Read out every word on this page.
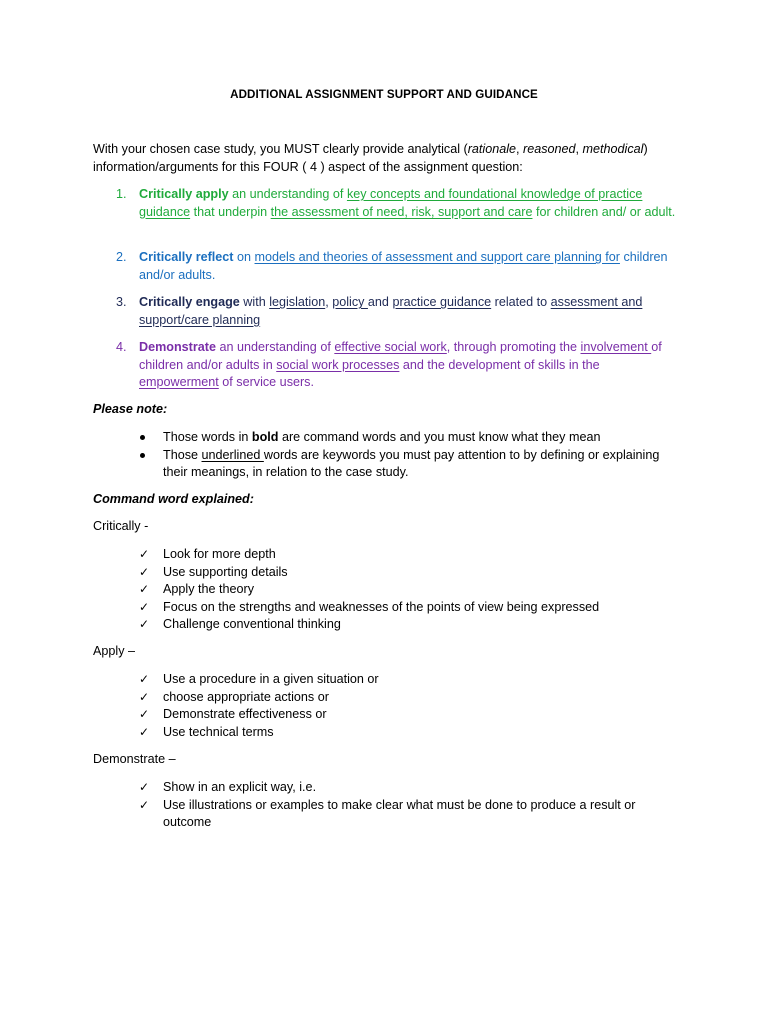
ADDITIONAL ASSIGNMENT SUPPORT AND GUIDANCE
With your chosen case study, you MUST clearly provide analytical (rationale, reasoned, methodical) information/arguments for this FOUR ( 4 ) aspect of the assignment question:
1. Critically apply an understanding of key concepts and foundational knowledge of practice guidance that underpin the assessment of need, risk, support and care for children and/ or adult.
2. Critically reflect on models and theories of assessment and support care planning for children and/or adults.
3. Critically engage with legislation, policy and practice guidance related to assessment and support/care planning
4. Demonstrate an understanding of effective social work, through promoting the involvement of children and/or adults in social work processes and the development of skills in the empowerment of service users.
Please note:
Those words in bold are command words and you must know what they mean
Those underlined words are keywords you must pay attention to by defining or explaining their meanings, in relation to the case study.
Command word explained:
Critically -
✓ Look for more depth
✓ Use supporting details
✓ Apply the theory
✓ Focus on the strengths and weaknesses of the points of view being expressed
✓ Challenge conventional thinking
Apply –
✓ Use a procedure in a given situation or
✓ choose appropriate actions or
✓ Demonstrate effectiveness or
✓ Use technical terms
Demonstrate –
✓ Show in an explicit way, i.e.
✓ Use illustrations or examples to make clear what must be done to produce a result or outcome
